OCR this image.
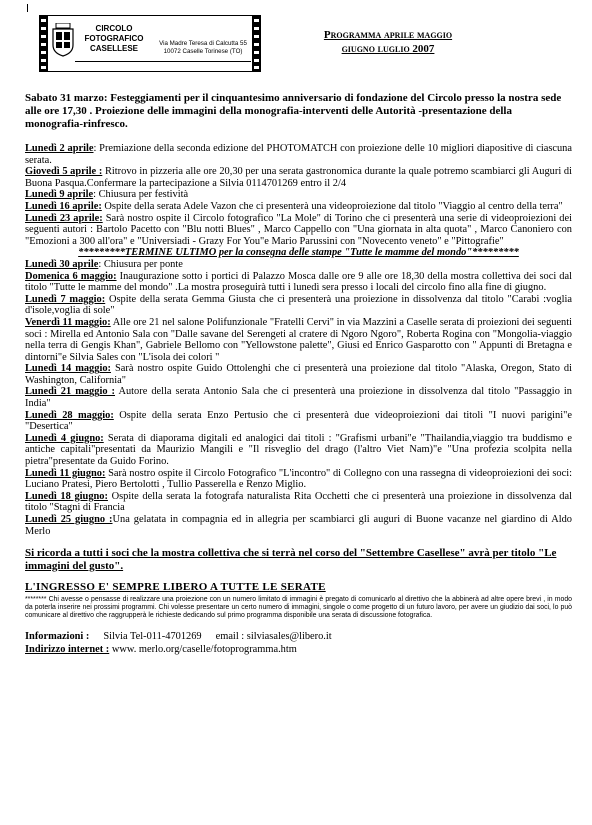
CIRCOLO
FOTOGRAFICO
CASELLESE
Via Madre Teresa di Calcutta 55
10072 Caselle Torinese (TO)
Programma aprile maggio
giugno luglio 2007
Sabato 31 marzo: Festeggiamenti per il cinquantesimo anniversario di fondazione del Circolo presso la nostra sede alle ore 17,30 . Proiezione delle immagini della monografia-interventi delle Autorità -presentazione della monografia-rinfresco.
Lunedì 2 aprile: Premiazione della seconda edizione del PHOTOMATCH con proiezione delle 10 migliori diapositive di ciascuna serata.
Giovedì 5 aprile : Ritrovo in pizzeria alle ore 20,30 per una serata gastronomica durante la quale potremo scambiarci gli Auguri di Buona Pasqua.Confermare la partecipazione a Silvia 0114701269 entro il 2/4
Lunedì 9 aprile: Chiusura per festività
Lunedì 16 aprile: Ospite della serata Adele Vazon che ci presenterà una videoproiezione dal titolo "Viaggio al centro della terra"
Lunedì 23 aprile: Sarà nostro ospite il Circolo fotografico "La Mole" di Torino che ci presenterà una serie di videoproiezioni dei seguenti autori : Bartolo Pacetto con "Blu notti Blues" , Marco Cappello con "Una giornata in alta quota" , Marco Canoniero con "Emozioni a 300 all'ora" e "Universiadi - Grazy For You"e Mario Parussini con "Novecento veneto" e "Pittografie"
*********TERMINE ULTIMO per la consegna delle stampe "Tutte le mamme del mondo"*********
Lunedì 30 aprile: Chiusura per ponte
Domenica 6 maggio: Inaugurazione sotto i portici di Palazzo Mosca dalle ore 9 alle ore 18,30 della mostra collettiva dei soci dal titolo "Tutte le mamme del mondo" .La mostra proseguirà tutti i lunedì sera presso i locali del circolo fino alla fine di giugno.
Lunedì 7 maggio: Ospite della serata Gemma Giusta che ci presenterà una proiezione in dissolvenza dal titolo "Carabi :voglia d'isole,voglia di sole"
Venerdì 11 maggio: Alle ore 21 nel salone Polifunzionale "Fratelli Cervi" in via Mazzini a Caselle serata di proiezioni dei seguenti soci : Mirella ed Antonio Sala con "Dalle savane del Serengeti al cratere di Ngoro Ngoro", Roberta Rogina con "Mongolia-viaggio nella terra di Gengis Khan", Gabriele Bellomo con "Yellowstone palette", Giusi ed Enrico Gasparotto con " Appunti di Bretagna e dintorni"e Silvia Sales con "L'isola dei colori "
Lunedì 14 maggio: Sarà nostro ospite Guido Ottolenghi che ci presenterà una proiezione dal titolo "Alaska, Oregon, Stato di Washington, California"
Lunedì 21 maggio : Autore della serata Antonio Sala che ci presenterà una proiezione in dissolvenza dal titolo "Passaggio in India"
Lunedì 28 maggio: Ospite della serata Enzo Pertusio che ci presenterà due videoproiezioni dai titoli "I nuovi parigini"e "Desertica"
Lunedì 4 giugno: Serata di diaporama digitali ed analogici dai titoli : "Grafismi urbani"e "Thailandia,viaggio tra buddismo e antiche capitali"presentati da Maurizio Mangili e "Il risveglio del drago (l'altro Viet Nam)"e "Una profezia scolpita nella pietra"presentate da Guido Forino.
Lunedì 11 giugno: Sarà nostro ospite il Circolo Fotografico "L'incontro" di Collegno con una rassegna di videoproiezioni dei soci: Luciano Pratesi, Piero Bertolotti , Tullio Passerella e Renzo Miglio.
Lunedì 18 giugno: Ospite della serata la fotografa naturalista Rita Occhetti che ci presenterà una proiezione in dissolvenza dal titolo "Stagni di Francia
Lunedì 25 giugno :Una gelatata in compagnia ed in allegria per scambiarci gli auguri di Buone vacanze nel giardino di Aldo Merlo
Si ricorda a tutti i soci che la mostra collettiva che si terrà nel corso del "Settembre Casellese" avrà per titolo "Le immagini del gusto".
L'INGRESSO E' SEMPRE LIBERO A TUTTE LE SERATE
******** Chi avesse o pensasse di realizzare una proiezione con un numero limitato di immagini è pregato di comunicarlo al direttivo che la abbinerà ad altre opere brevi , in modo da poterla inserire nei prossimi programmi. Chi volesse presentare un certo numero di immagini, singole o come progetto di un futuro lavoro, per avere un giudizio dai soci, lo può comunicare al direttivo che raggrupperà le richieste dedicando sul primo programma disponibile una serata di discussione fotografica.
Informazioni : Silvia Tel-011-4701269 email : silviasales@libero.it
Indirizzo internet : www. merlo.org/caselle/fotoprogramma.htm
